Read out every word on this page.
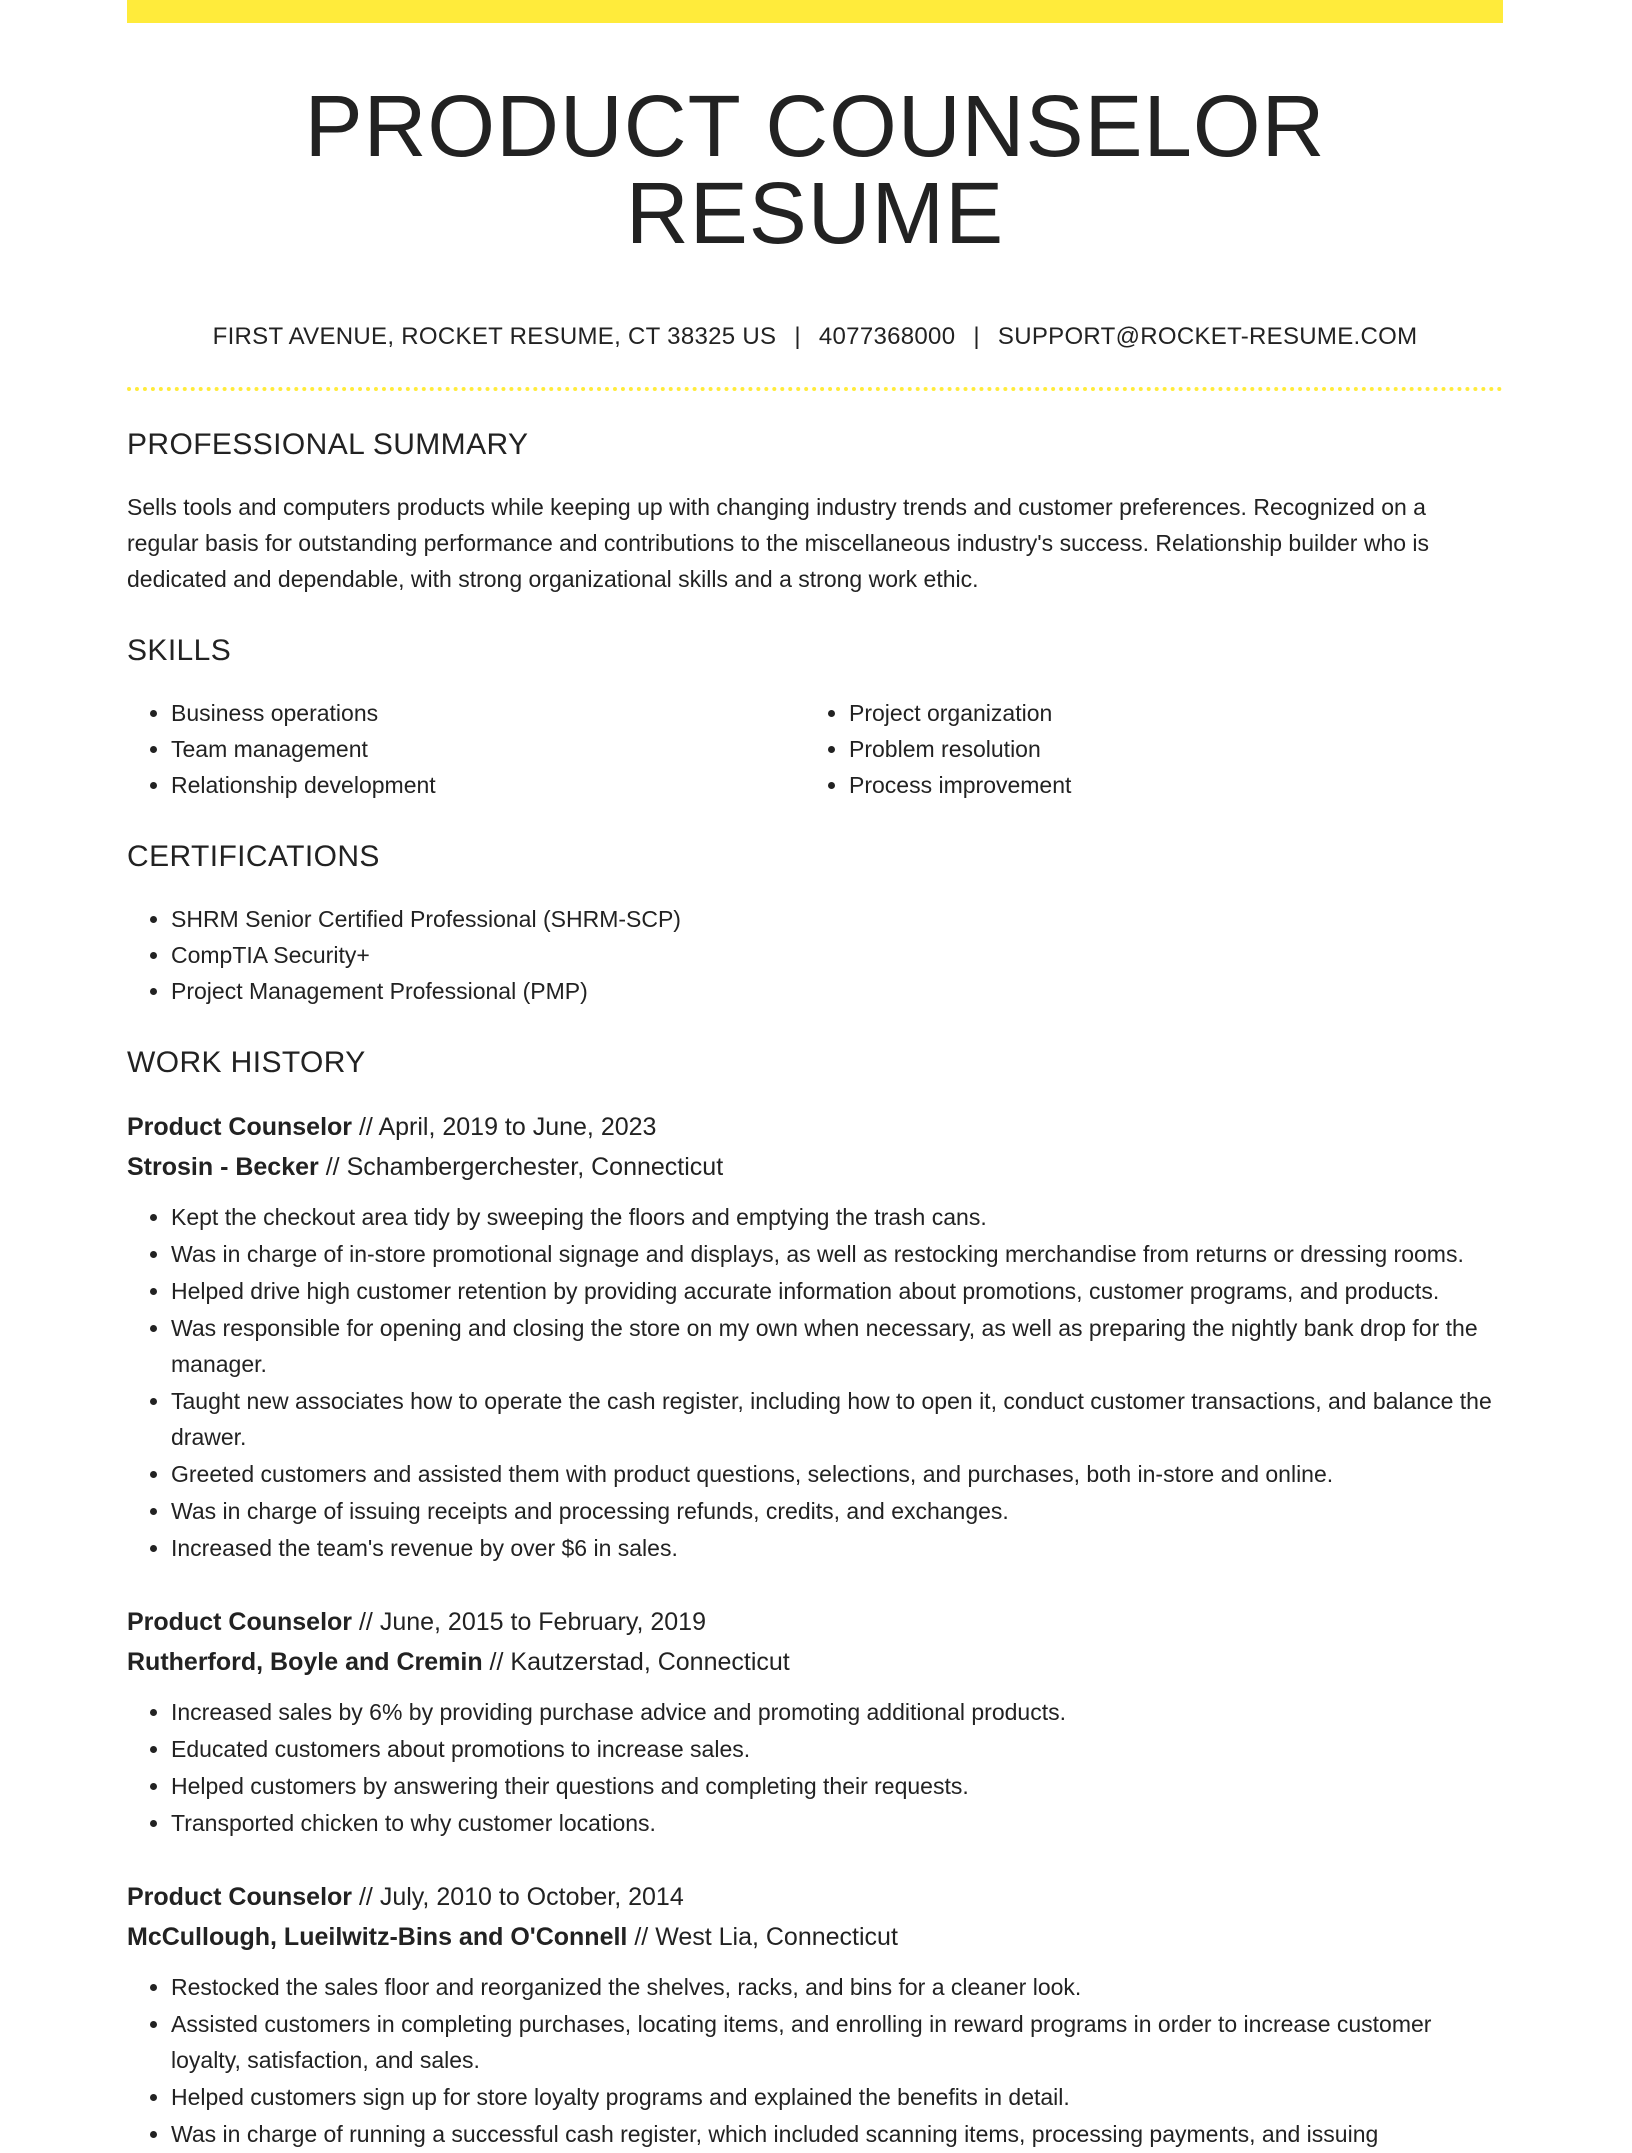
PRODUCT COUNSELOR RESUME
FIRST AVENUE, ROCKET RESUME, CT 38325 US | 4077368000 | SUPPORT@ROCKET-RESUME.COM
PROFESSIONAL SUMMARY

Sells tools and computers products while keeping up with changing industry trends and customer preferences. Recognized on a regular basis for outstanding performance and contributions to the miscellaneous industry's success. Relationship builder who is dedicated and dependable, with strong organizational skills and a strong work ethic.

SKILLS
• Business operations
• Team management
• Relationship development
• Project organization
• Problem resolution
• Process improvement
CERTIFICATIONS
• SHRM Senior Certified Professional (SHRM-SCP)
• CompTIA Security+
• Project Management Professional (PMP)
WORK HISTORY
Product Counselor // April, 2019 to June, 2023
Strosin - Becker // Schambergerchester, Connecticut
• Kept the checkout area tidy by sweeping the floors and emptying the trash cans.
• Was in charge of in-store promotional signage and displays, as well as restocking merchandise from returns or dressing rooms.
• Helped drive high customer retention by providing accurate information about promotions, customer programs, and products.
• Was responsible for opening and closing the store on my own when necessary, as well as preparing the nightly bank drop for the manager.
• Taught new associates how to operate the cash register, including how to open it, conduct customer transactions, and balance the drawer.
• Greeted customers and assisted them with product questions, selections, and purchases, both in-store and online.
• Was in charge of issuing receipts and processing refunds, credits, and exchanges.
• Increased the team's revenue by over $6 in sales.
Product Counselor // June, 2015 to February, 2019
Rutherford, Boyle and Cremin // Kautzerstad, Connecticut
• Increased sales by 6% by providing purchase advice and promoting additional products.
• Educated customers about promotions to increase sales.
• Helped customers by answering their questions and completing their requests.
• Transported chicken to why customer locations.
Product Counselor // July, 2010 to October, 2014
McCullough, Lueilwitz-Bins and O'Connell // West Lia, Connecticut
• Restocked the sales floor and reorganized the shelves, racks, and bins for a cleaner look.
• Assisted customers in completing purchases, locating items, and enrolling in reward programs in order to increase customer loyalty, satisfaction, and sales.
• Helped customers sign up for store loyalty programs and explained the benefits in detail.
• Was in charge of running a successful cash register, which included scanning items, processing payments, and issuing
